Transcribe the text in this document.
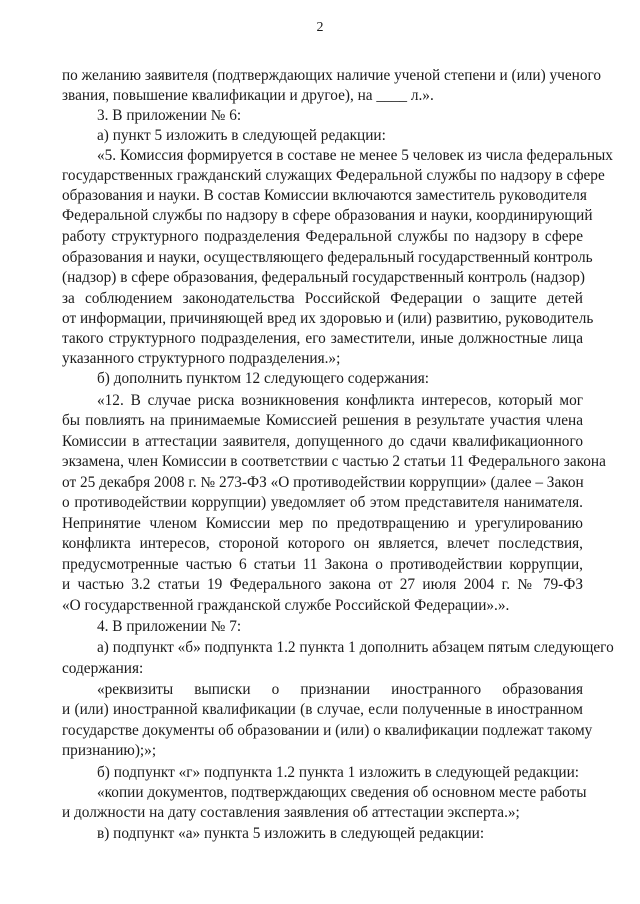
2
по желанию заявителя (подтверждающих наличие ученой степени и (или) ученого
звания, повышение квалификации и другое), на ____ л.».
3. В приложении № 6:
а) пункт 5 изложить в следующей редакции:
«5. Комиссия формируется в составе не менее 5 человек из числа федеральных
государственных гражданский служащих Федеральной службы по надзору в сфере
образования и науки. В состав Комиссии включаются заместитель руководителя
Федеральной службы по надзору в сфере образования и науки, координирующий
работу структурного подразделения Федеральной службы по надзору в сфере
образования и науки, осуществляющего федеральный государственный контроль
(надзор) в сфере образования, федеральный государственный контроль (надзор)
за соблюдением законодательства Российской Федерации о защите детей
от информации, причиняющей вред их здоровью и (или) развитию, руководитель
такого структурного подразделения, его заместители, иные должностные лица
указанного структурного подразделения.»;
б) дополнить пунктом 12 следующего содержания:
«12. В случае риска возникновения конфликта интересов, который мог
бы повлиять на принимаемые Комиссией решения в результате участия члена
Комиссии в аттестации заявителя, допущенного до сдачи квалификационного
экзамена, член Комиссии в соответствии с частью 2 статьи 11 Федерального закона
от 25 декабря 2008 г. № 273-ФЗ «О противодействии коррупции» (далее – Закон
о противодействии коррупции) уведомляет об этом представителя нанимателя.
Непринятие членом Комиссии мер по предотвращению и урегулированию
конфликта интересов, стороной которого он является, влечет последствия,
предусмотренные частью 6 статьи 11 Закона о противодействии коррупции,
и частью 3.2 статьи 19 Федерального закона от 27 июля 2004 г. № 79-ФЗ
«О государственной гражданской службе Российской Федерации».».
4. В приложении № 7:
а) подпункт «б» подпункта 1.2 пункта 1 дополнить абзацем пятым следующего
содержания:
«реквизиты выписки о признании иностранного образования
и (или) иностранной квалификации (в случае, если полученные в иностранном
государстве документы об образовании и (или) о квалификации подлежат такому
признанию);»;
б) подпункт «г» подпункта 1.2 пункта 1 изложить в следующей редакции:
«копии документов, подтверждающих сведения об основном месте работы
и должности на дату составления заявления об аттестации эксперта.»;
в) подпункт «а» пункта 5 изложить в следующей редакции:
